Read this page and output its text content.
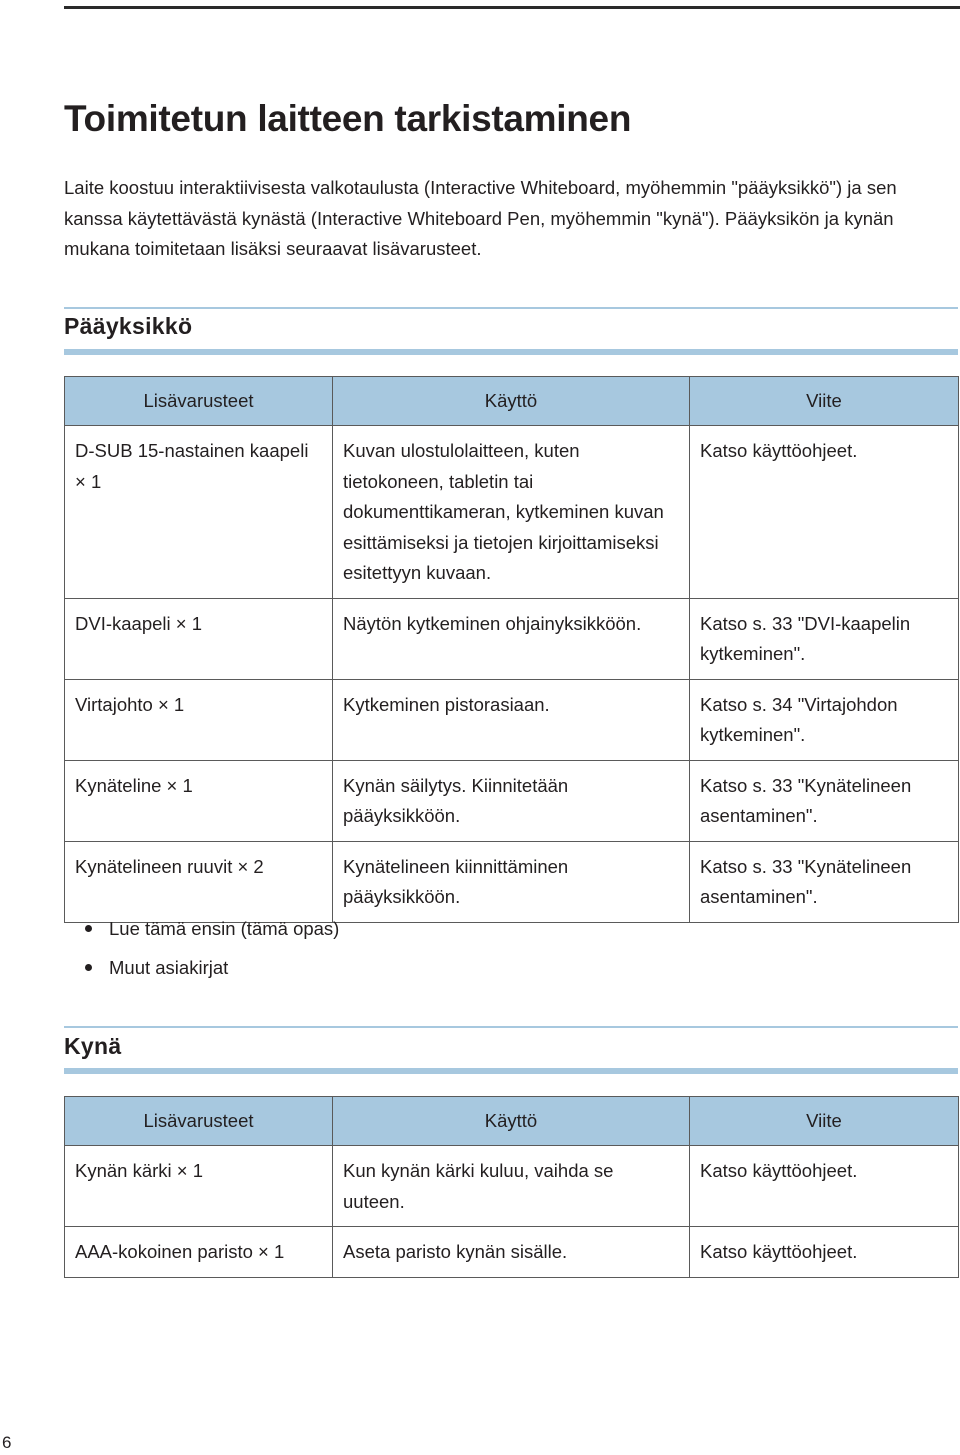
Toimitetun laitteen tarkistaminen

Laite koostuu interaktiivisesta valkotaulusta (Interactive Whiteboard, myöhemmin "pääyksikkö") ja sen kanssa käytettävästä kynästä (Interactive Whiteboard Pen, myöhemmin "kynä"). Pääyksikön ja kynän mukana toimitetaan lisäksi seuraavat lisävarusteet.

Pääyksikkö
Lisävarusteet	Käyttö	Viite
D-SUB 15-nastainen kaapeli × 1	Kuvan ulostulolaitteen, kuten tietokoneen, tabletin tai dokumenttikameran, kytkeminen kuvan esittämiseksi ja tietojen kirjoittamiseksi esitettyyn kuvaan.	Katso käyttöohjeet.
DVI-kaapeli × 1	Näytön kytkeminen ohjainyksikköön.	Katso s. 33 "DVI-kaapelin kytkeminen".
Virtajohto × 1	Kytkeminen pistorasiaan.	Katso s. 34 "Virtajohdon kytkeminen".
Kynäteline × 1	Kynän säilytys. Kiinnitetään pääyksikköön.	Katso s. 33 "Kynätelineen asentaminen".
Kynätelineen ruuvit × 2	Kynätelineen kiinnittäminen pääyksikköön.	Katso s. 33 "Kynätelineen asentaminen".
Lue tämä ensin (tämä opas)
Muut asiakirjat
Kynä
Lisävarusteet	Käyttö	Viite
Kynän kärki × 1	Kun kynän kärki kuluu, vaihda se uuteen.	Katso käyttöohjeet.
AAA-kokoinen paristo × 1	Aseta paristo kynän sisälle.	Katso käyttöohjeet.
6
